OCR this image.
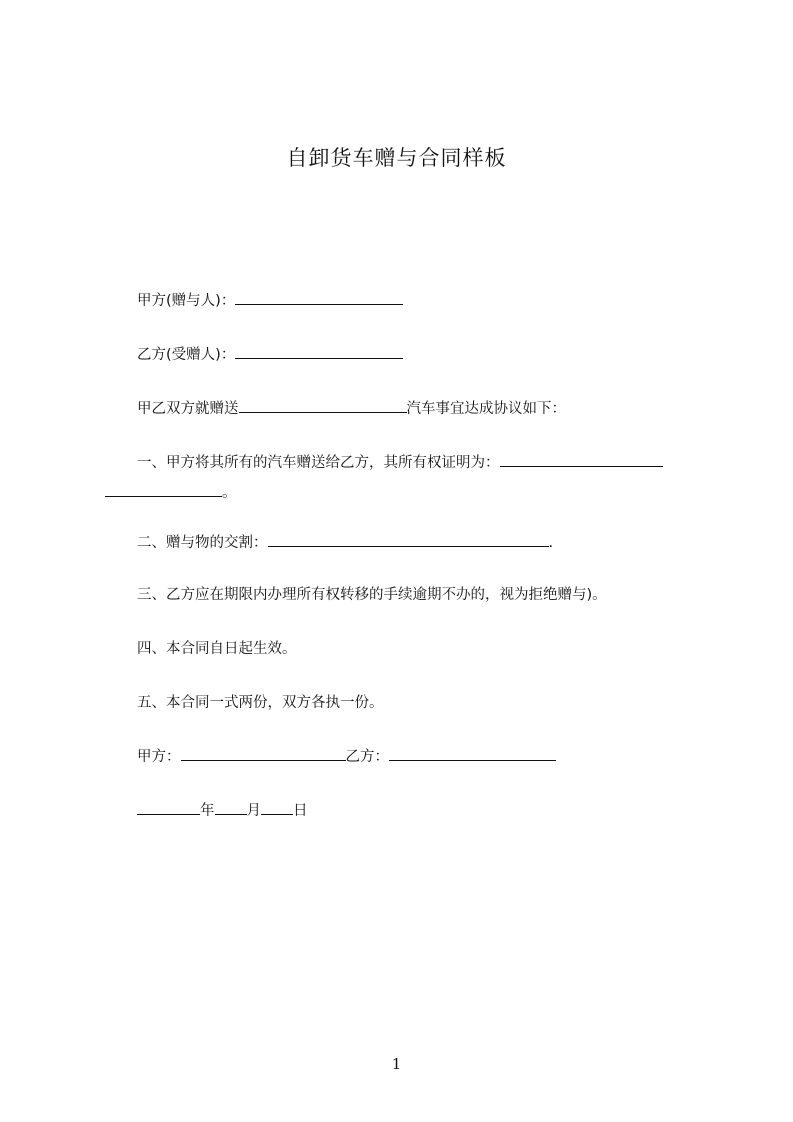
自卸货车赠与合同样板
甲方(赠与人)：
乙方(受赠人)：
甲乙双方就赠送	汽车事宜达成协议如下：
一、甲方将其所有的汽车赠送给乙方，其所有权证明为：
。
二、赠与物的交割：	.
三、乙方应在期限内办理所有权转移的手续逾期不办的，视为拒绝赠与)。
四、本合同自日起生效。
五、本合同一式两份，双方各执一份。
甲方：	乙方：
年 月 日
1
